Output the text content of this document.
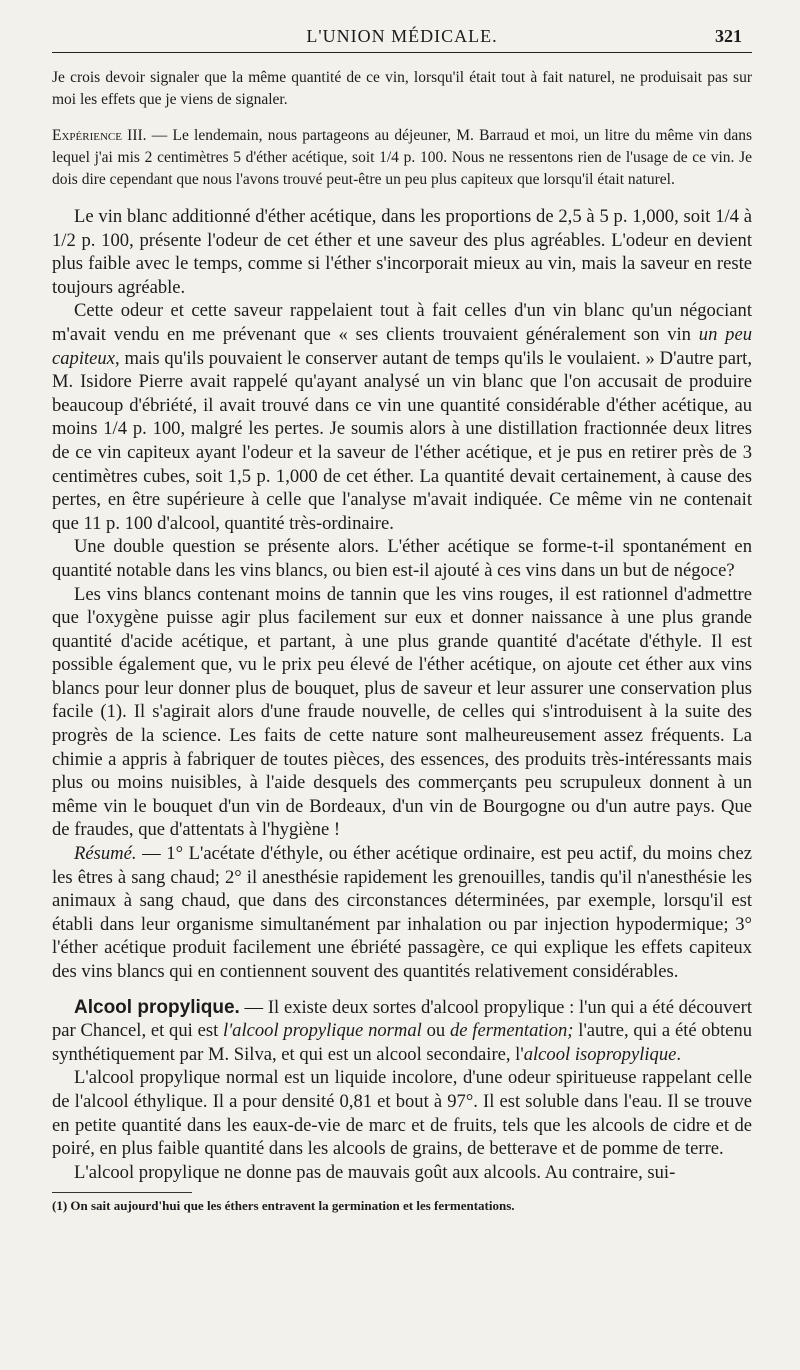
L'UNION MÉDICALE.	321

Je crois devoir signaler que la même quantité de ce vin, lorsqu'il était tout à fait naturel, ne produisait pas sur moi les effets que je viens de signaler.

Expérience III. — Le lendemain, nous partageons au déjeuner, M. Barraud et moi, un litre du même vin dans lequel j'ai mis 2 centimètres 5 d'éther acétique, soit 1/4 p. 100. Nous ne ressentons rien de l'usage de ce vin. Je dois dire cependant que nous l'avons trouvé peut-être un peu plus capiteux que lorsqu'il était naturel.

Le vin blanc additionné d'éther acétique, dans les proportions de 2,5 à 5 p. 1,000, soit 1/4 à 1/2 p. 100, présente l'odeur de cet éther et une saveur des plus agréables. L'odeur en devient plus faible avec le temps, comme si l'éther s'incorporait mieux au vin, mais la saveur en reste toujours agréable.

Cette odeur et cette saveur rappelaient tout à fait celles d'un vin blanc qu'un négociant m'avait vendu en me prévenant que « ses clients trouvaient généralement son vin un peu capiteux, mais qu'ils pouvaient le conserver autant de temps qu'ils le voulaient. » D'autre part, M. Isidore Pierre avait rappelé qu'ayant analysé un vin blanc que l'on accusait de produire beaucoup d'ébriété, il avait trouvé dans ce vin une quantité considérable d'éther acétique, au moins 1/4 p. 100, malgré les pertes. Je soumis alors à une distillation fractionnée deux litres de ce vin capiteux ayant l'odeur et la saveur de l'éther acétique, et je pus en retirer près de 3 centimètres cubes, soit 1,5 p. 1,000 de cet éther. La quantité devait certainement, à cause des pertes, en être supérieure à celle que l'analyse m'avait indiquée. Ce même vin ne contenait que 11 p. 100 d'alcool, quantité très-ordinaire.

Une double question se présente alors. L'éther acétique se forme-t-il spontanément en quantité notable dans les vins blancs, ou bien est-il ajouté à ces vins dans un but de négoce?

Les vins blancs contenant moins de tannin que les vins rouges, il est rationnel d'admettre que l'oxygène puisse agir plus facilement sur eux et donner naissance à une plus grande quantité d'acide acétique, et partant, à une plus grande quantité d'acétate d'éthyle. Il est possible également que, vu le prix peu élevé de l'éther acétique, on ajoute cet éther aux vins blancs pour leur donner plus de bouquet, plus de saveur et leur assurer une conservation plus facile (1). Il s'agirait alors d'une fraude nouvelle, de celles qui s'introduisent à la suite des progrès de la science. Les faits de cette nature sont malheureusement assez fréquents. La chimie a appris à fabriquer de toutes pièces, des essences, des produits très-intéressants mais plus ou moins nuisibles, à l'aide desquels des commerçants peu scrupuleux donnent à un même vin le bouquet d'un vin de Bordeaux, d'un vin de Bourgogne ou d'un autre pays. Que de fraudes, que d'attentats à l'hygiène !

Résumé. — 1° L'acétate d'éthyle, ou éther acétique ordinaire, est peu actif, du moins chez les êtres à sang chaud; 2° il anesthésie rapidement les grenouilles, tandis qu'il n'anesthésie les animaux à sang chaud, que dans des circonstances déterminées, par exemple, lorsqu'il est établi dans leur organisme simultanément par inhalation ou par injection hypodermique; 3° l'éther acétique produit facilement une ébriété passagère, ce qui explique les effets capiteux des vins blancs qui en contiennent souvent des quantités relativement considérables.

Alcool propylique. — Il existe deux sortes d'alcool propylique : l'un qui a été découvert par Chancel, et qui est l'alcool propylique normal ou de fermentation; l'autre, qui a été obtenu synthétiquement par M. Silva, et qui est un alcool secondaire, l'alcool isopropylique.

L'alcool propylique normal est un liquide incolore, d'une odeur spiritueuse rappelant celle de l'alcool éthylique. Il a pour densité 0,81 et bout à 97°. Il est soluble dans l'eau. Il se trouve en petite quantité dans les eaux-de-vie de marc et de fruits, tels que les alcools de cidre et de poiré, en plus faible quantité dans les alcools de grains, de betterave et de pomme de terre.

L'alcool propylique ne donne pas de mauvais goût aux alcools. Au contraire, sui-

(1) On sait aujourd'hui que les éthers entravent la germination et les fermentations.
